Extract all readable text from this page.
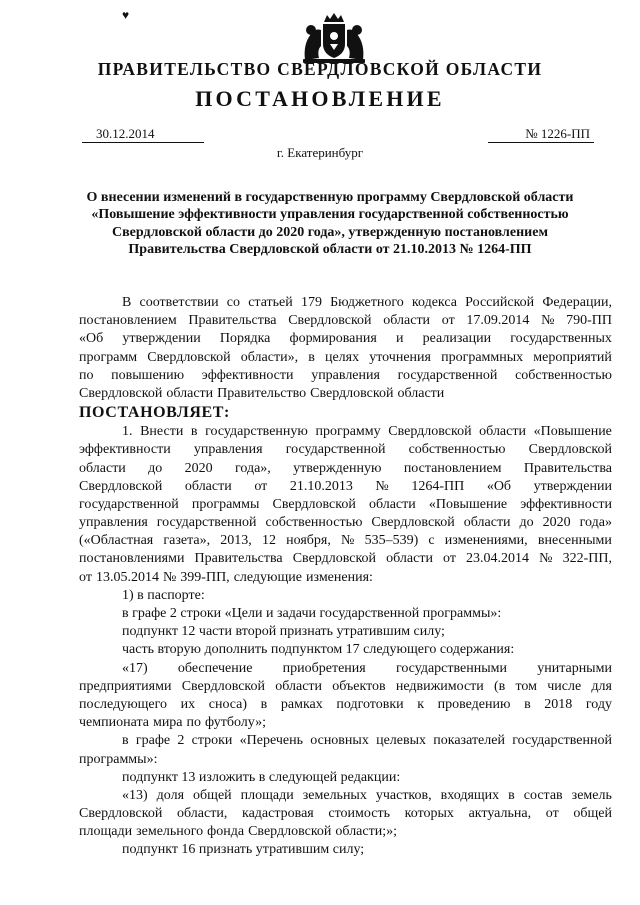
♥
ПРАВИТЕЛЬСТВО СВЕРДЛОВСКОЙ ОБЛАСТИ
ПОСТАНОВЛЕНИЕ
30.12.2014	№ 1226-ПП
г. Екатеринбург
О внесении изменений в государственную программу Свердловской области
«Повышение эффективности управления государственной собственностью
Свердловской области до 2020 года», утвержденную постановлением
Правительства Свердловской области от 21.10.2013 № 1264-ПП
В соответствии со статьей 179 Бюджетного кодекса Российской Федерации,
постановлением Правительства Свердловской области от 17.09.2014 № 790-ПП
«Об утверждении Порядка формирования и реализации государственных
программ Свердловской области», в целях уточнения программных мероприятий
по повышению эффективности управления государственной собственностью
Свердловской области Правительство Свердловской области
ПОСТАНОВЛЯЕТ:
1. Внести в государственную программу Свердловской области «Повышение
эффективности управления государственной собственностью Свердловской
области до 2020 года», утвержденную постановлением Правительства
Свердловской области от 21.10.2013 № 1264-ПП «Об утверждении
государственной программы Свердловской области «Повышение эффективности
управления государственной собственностью Свердловской области до 2020 года»
(«Областная газета», 2013, 12 ноября, № 535–539) с изменениями, внесенными
постановлениями Правительства Свердловской области от 23.04.2014 № 322-ПП,
от 13.05.2014 № 399-ПП, следующие изменения:
1) в паспорте:
в графе 2 строки «Цели и задачи государственной программы»:
подпункт 12 части второй признать утратившим силу;
часть вторую дополнить подпунктом 17 следующего содержания:
«17) обеспечение приобретения государственными унитарными
предприятиями Свердловской области объектов недвижимости (в том числе для
последующего их сноса) в рамках подготовки к проведению в 2018 году
чемпионата мира по футболу»;
в графе 2 строки «Перечень основных целевых показателей государственной
программы»:
подпункт 13 изложить в следующей редакции:
«13) доля общей площади земельных участков, входящих в состав земель
Свердловской области, кадастровая стоимость которых актуальна, от общей
площади земельного фонда Свердловской области;»;
подпункт 16 признать утратившим силу;
